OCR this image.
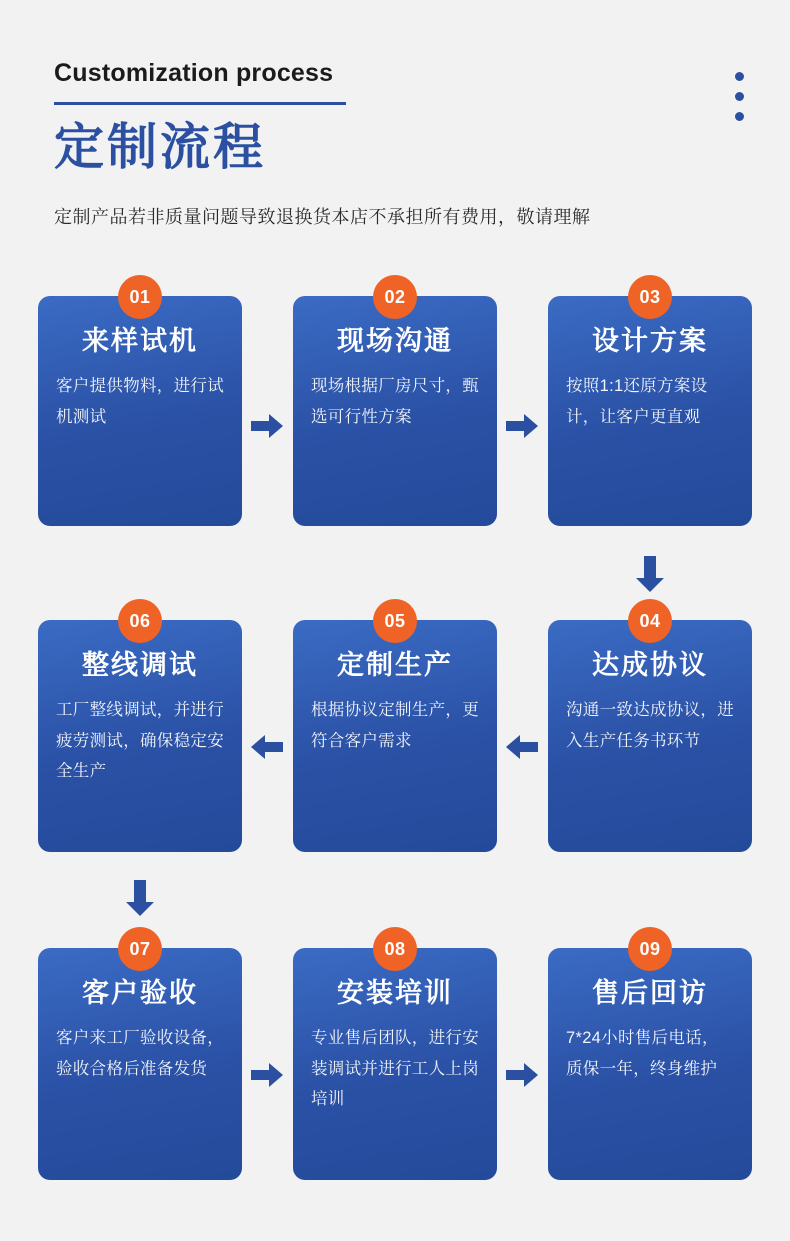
Customization process
定制流程
定制产品若非质量问题导致退换货本店不承担所有费用，敬请理解
01
来样试机
客户提供物料，进行试机测试
02
现场沟通
现场根据厂房尺寸，甄选可行性方案
03
设计方案
按照1:1还原方案设计，让客户更直观
06
整线调试
工厂整线调试，并进行疲劳测试，确保稳定安全生产
05
定制生产
根据协议定制生产，更符合客户需求
04
达成协议
沟通一致达成协议，进入生产任务书环节
07
客户验收
客户来工厂验收设备，验收合格后准备发货
08
安装培训
专业售后团队，进行安装调试并进行工人上岗培训
09
售后回访
7*24小时售后电话，质保一年，终身维护
